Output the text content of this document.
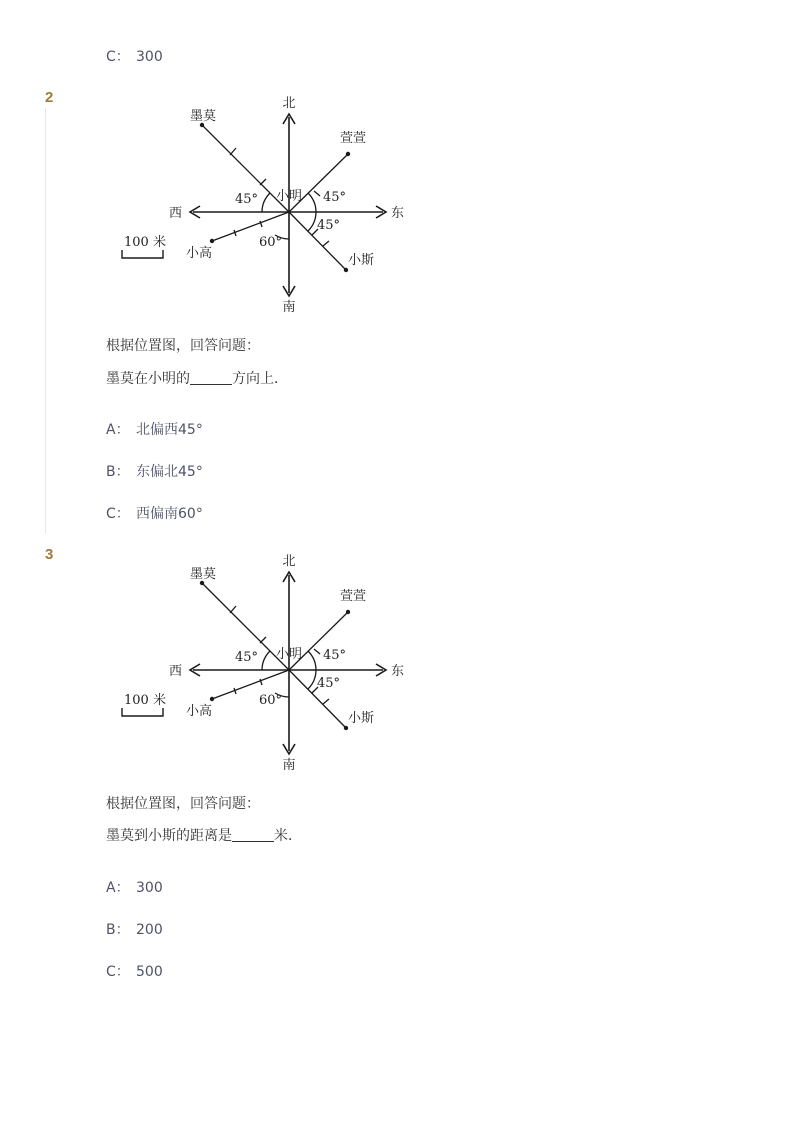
C： 300
2	北
南
东
西
小明
墨莫
萱萱
小斯
小高
45°	45°
45°
60°
100 米
根据位置图，回答问题：
墨莫在小明的	方向上．
A： 北偏西45°
B： 东偏北45°
C： 西偏南60°
3	北
南
东
西
小明
墨莫
萱萱
小斯
小高
45°	45°
45°
60°
100 米
根据位置图，回答问题：
墨莫到小斯的距离是	米．
A： 300
B： 200
C： 500
